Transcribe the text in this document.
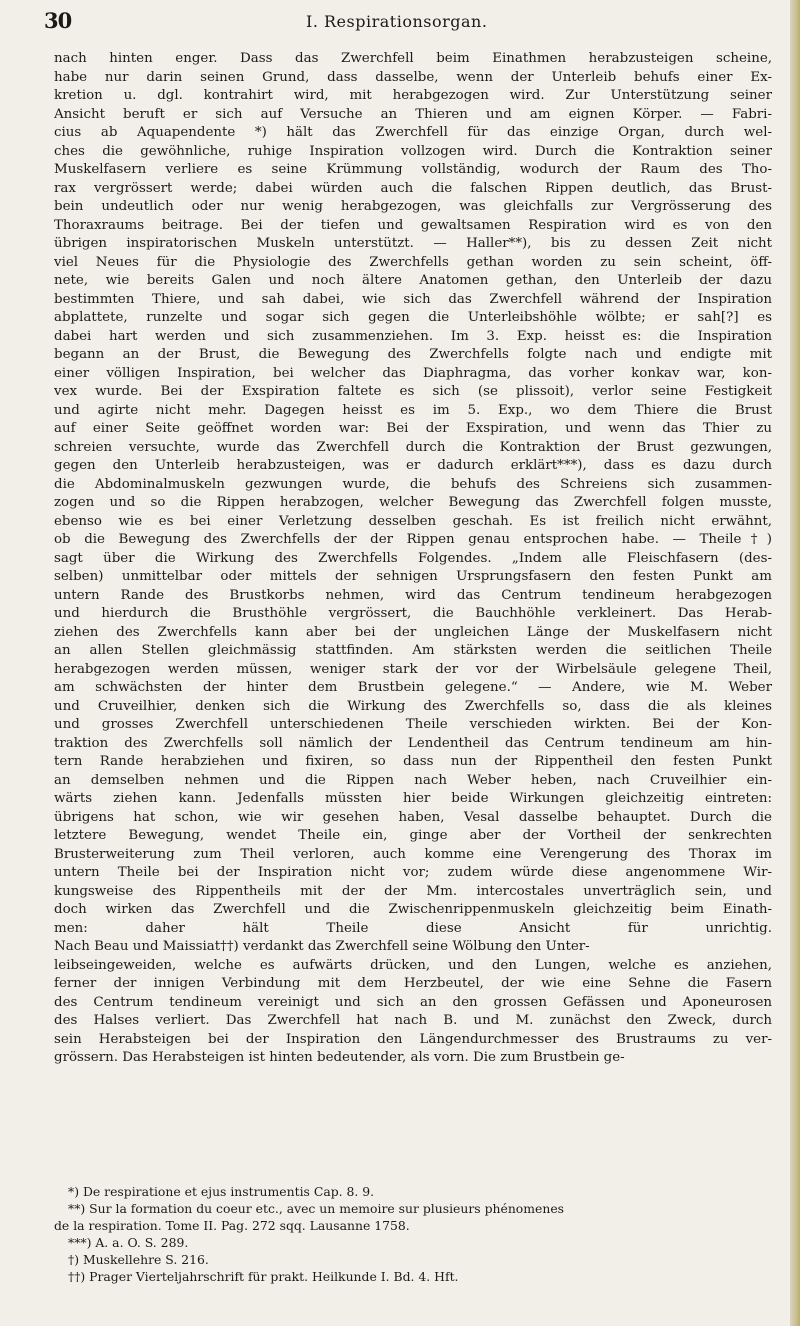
30	I. Respirationsorgan.
nach hinten enger. Dass das Zwerchfell beim Einathmen herabzusteigen scheine,
habe nur darin seinen Grund, dass dasselbe, wenn der Unterleib behufs einer Ex-
kretion u. dgl. kontrahirt wird, mit herabgezogen wird. Zur Unterstützung seiner
Ansicht beruft er sich auf Versuche an Thieren und am eignen Körper. — Fabri-
cius ab Aquapendente *) hält das Zwerchfell für das einzige Organ, durch wel-
ches die gewöhnliche, ruhige Inspiration vollzogen wird. Durch die Kontraktion seiner
Muskelfasern verliere es seine Krümmung vollständig, wodurch der Raum des Tho-
rax vergrössert werde; dabei würden auch die falschen Rippen deutlich, das Brust-
bein undeutlich oder nur wenig herabgezogen, was gleichfalls zur Vergrösserung des
Thoraxraums beitrage. Bei der tiefen und gewaltsamen Respiration wird es von den
übrigen inspiratorischen Muskeln unterstützt. — Haller**), bis zu dessen Zeit nicht
viel Neues für die Physiologie des Zwerchfells gethan worden zu sein scheint, öff-
nete, wie bereits Galen und noch ältere Anatomen gethan, den Unterleib der dazu
bestimmten Thiere, und sah dabei, wie sich das Zwerchfell während der Inspiration
abplattete, runzelte und sogar sich gegen die Unterleibshöhle wölbte; er sah[?] es
dabei hart werden und sich zusammenziehen. Im 3. Exp. heisst es: die Inspiration
begann an der Brust, die Bewegung des Zwerchfells folgte nach und endigte mit
einer völligen Inspiration, bei welcher das Diaphragma, das vorher konkav war, kon-
vex wurde. Bei der Exspiration faltete es sich (se plissoit), verlor seine Festigkeit
und agirte nicht mehr. Dagegen heisst es im 5. Exp., wo dem Thiere die Brust
auf einer Seite geöffnet worden war: Bei der Exspiration, und wenn das Thier zu
schreien versuchte, wurde das Zwerchfell durch die Kontraktion der Brust gezwungen,
gegen den Unterleib herabzusteigen, was er dadurch erklärt***), dass es dazu durch
die Abdominalmuskeln gezwungen wurde, die behufs des Schreiens sich zusammen-
zogen und so die Rippen herabzogen, welcher Bewegung das Zwerchfell folgen musste,
ebenso wie es bei einer Verletzung desselben geschah. Es ist freilich nicht erwähnt,
ob die Bewegung des Zwerchfells der der Rippen genau entsprochen habe. — Theile†)
sagt über die Wirkung des Zwerchfells Folgendes. „Indem alle Fleischfasern (des-
selben) unmittelbar oder mittels der sehnigen Ursprungsfasern den festen Punkt am
untern Rande des Brustkorbs nehmen, wird das Centrum tendineum herabgezogen
und hierdurch die Brusthöhle vergrössert, die Bauchhöhle verkleinert. Das Herab-
ziehen des Zwerchfells kann aber bei der ungleichen Länge der Muskelfasern nicht
an allen Stellen gleichmässig stattfinden. Am stärksten werden die seitlichen Theile
herabgezogen werden müssen, weniger stark der vor der Wirbelsäule gelegene Theil,
am schwächsten der hinter dem Brustbein gelegene.“ — Andere, wie M. Weber
und Cruveilhier, denken sich die Wirkung des Zwerchfells so, dass die als kleines
und grosses Zwerchfell unterschiedenen Theile verschieden wirkten. Bei der Kon-
traktion des Zwerchfells soll nämlich der Lendentheil das Centrum tendineum am hin-
tern Rande herabziehen und fixiren, so dass nun der Rippentheil den festen Punkt
an demselben nehmen und die Rippen nach Weber heben, nach Cruveilhier ein-
wärts ziehen kann. Jedenfalls müssten hier beide Wirkungen gleichzeitig eintreten:
übrigens hat schon, wie wir gesehen haben, Vesal dasselbe behauptet. Durch die
letztere Bewegung, wendet Theile ein, ginge aber der Vortheil der senkrechten
Brusterweiterung zum Theil verloren, auch komme eine Verengerung des Thorax im
untern Theile bei der Inspiration nicht vor; zudem würde diese angenommene Wir-
kungsweise des Rippentheils mit der der Mm. intercostales unverträglich sein, und
doch wirken das Zwerchfell und die Zwischenrippenmuskeln gleichzeitig beim Einath-
men: daher hält Theile diese Ansicht für unrichtig.
Nach Beau und Maissiat††) verdankt das Zwerchfell seine Wölbung den Unter-
leibseingeweiden, welche es aufwärts drücken, und den Lungen, welche es anziehen,
ferner der innigen Verbindung mit dem Herzbeutel, der wie eine Sehne die Fasern
des Centrum tendineum vereinigt und sich an den grossen Gefässen und Aponeurosen
des Halses verliert. Das Zwerchfell hat nach B. und M. zunächst den Zweck, durch
sein Herabsteigen bei der Inspiration den Längendurchmesser des Brustraums zu ver-
grössern. Das Herabsteigen ist hinten bedeutender, als vorn. Die zum Brustbein ge-
*) De respiratione et ejus instrumentis Cap. 8. 9.
**) Sur la formation du coeur etc., avec un memoire sur plusieurs phénomenes
de la respiration. Tome II. Pag. 272 sqq. Lausanne 1758.
***) A. a. O. S. 289.
†) Muskellehre S. 216.
††) Prager Vierteljahrschrift für prakt. Heilkunde I. Bd. 4. Hft.
